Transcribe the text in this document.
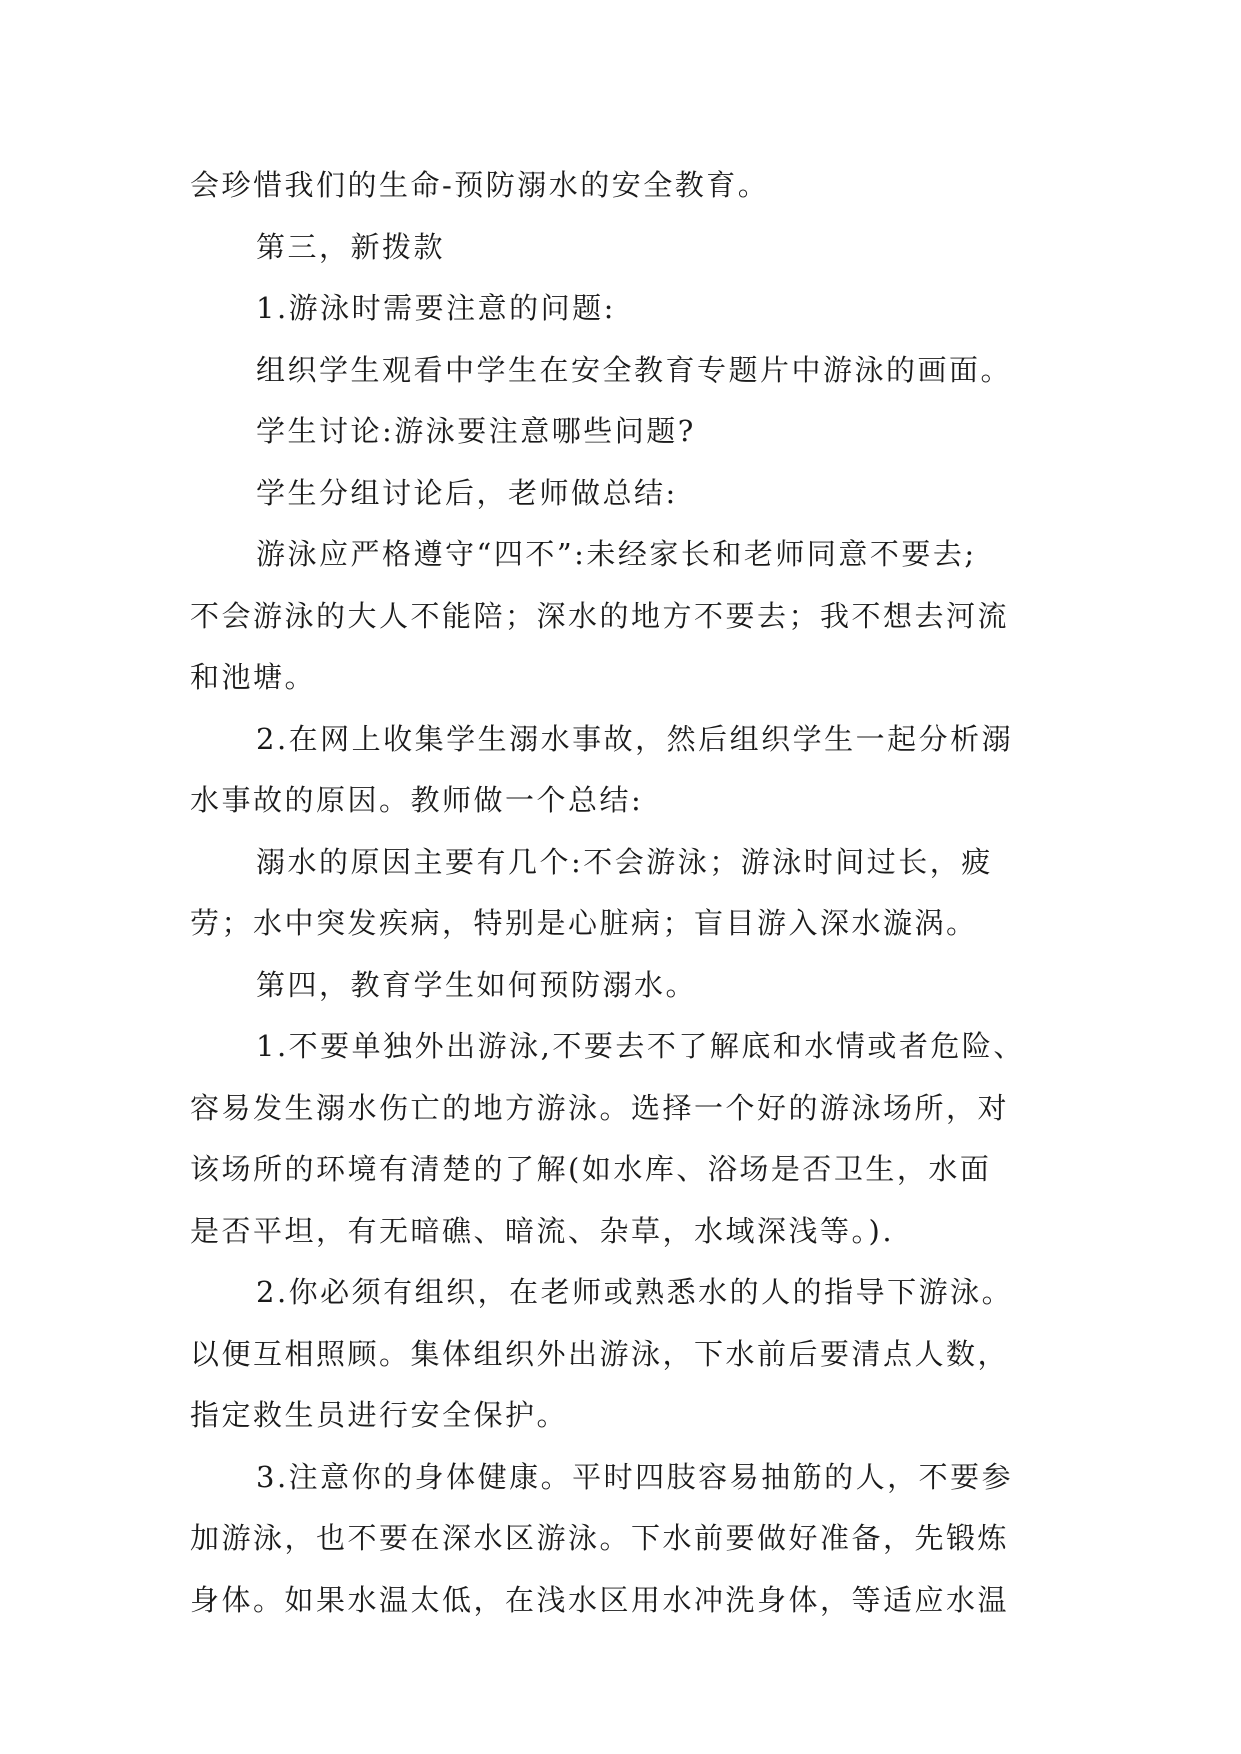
会珍惜我们的生命-预防溺水的安全教育。
第三，新拨款
1.游泳时需要注意的问题:
组织学生观看中学生在安全教育专题片中游泳的画面。
学生讨论:游泳要注意哪些问题?
学生分组讨论后，老师做总结:
游泳应严格遵守“四不”:未经家长和老师同意不要去;
不会游泳的大人不能陪；深水的地方不要去；我不想去河流
和池塘。
2.在网上收集学生溺水事故，然后组织学生一起分析溺
水事故的原因。教师做一个总结:
溺水的原因主要有几个:不会游泳；游泳时间过长，疲
劳；水中突发疾病，特别是心脏病；盲目游入深水漩涡。
第四，教育学生如何预防溺水。
1.不要单独外出游泳,不要去不了解底和水情或者危险、
容易发生溺水伤亡的地方游泳。选择一个好的游泳场所，对
该场所的环境有清楚的了解(如水库、浴场是否卫生，水面
是否平坦，有无暗礁、暗流、杂草，水域深浅等。).
2.你必须有组织，在老师或熟悉水的人的指导下游泳。
以便互相照顾。集体组织外出游泳，下水前后要清点人数，
指定救生员进行安全保护。
3.注意你的身体健康。平时四肢容易抽筋的人，不要参
加游泳，也不要在深水区游泳。下水前要做好准备，先锻炼
身体。如果水温太低，在浅水区用水冲洗身体，等适应水温
